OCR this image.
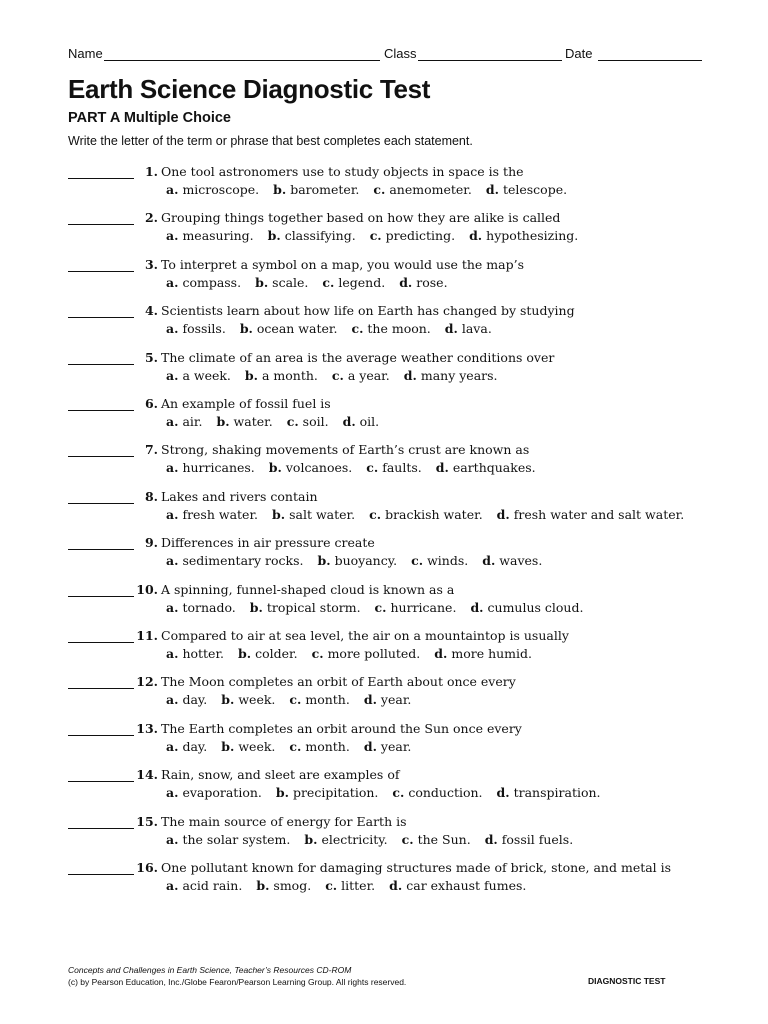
Name	Class	Date
Earth Science Diagnostic Test
PART A Multiple Choice

Write the letter of the term or phrase that best completes each statement.

1. One tool astronomers use to study objects in space is the
a. microscope. b. barometer. c. anemometer. d. telescope.
2. Grouping things together based on how they are alike is called
a. measuring. b. classifying. c. predicting. d. hypothesizing.
3. To interpret a symbol on a map, you would use the map’s
a. compass. b. scale. c. legend. d. rose.
4. Scientists learn about how life on Earth has changed by studying
a. fossils. b. ocean water. c. the moon. d. lava.
5. The climate of an area is the average weather conditions over
a. a week. b. a month. c. a year. d. many years.
6. An example of fossil fuel is
a. air. b. water. c. soil. d. oil.
7. Strong, shaking movements of Earth’s crust are known as
a. hurricanes. b. volcanoes. c. faults. d. earthquakes.
8. Lakes and rivers contain
a. fresh water. b. salt water. c. brackish water. d. fresh water and salt water.
9. Differences in air pressure create
a. sedimentary rocks. b. buoyancy. c. winds. d. waves.
10. A spinning, funnel-shaped cloud is known as a
a. tornado. b. tropical storm. c. hurricane. d. cumulus cloud.
11. Compared to air at sea level, the air on a mountaintop is usually
a. hotter. b. colder. c. more polluted. d. more humid.
12. The Moon completes an orbit of Earth about once every
a. day. b. week. c. month. d. year.
13. The Earth completes an orbit around the Sun once every
a. day. b. week. c. month. d. year.
14. Rain, snow, and sleet are examples of
a. evaporation. b. precipitation. c. conduction. d. transpiration.
15. The main source of energy for Earth is
a. the solar system. b. electricity. c. the Sun. d. fossil fuels.
16. One pollutant known for damaging structures made of brick, stone, and metal is
a. acid rain. b. smog. c. litter. d. car exhaust fumes.
Concepts and Challenges in Earth Science, Teacher’s Resources CD-ROM
(c) by Pearson Education, Inc./Globe Fearon/Pearson Learning Group. All rights reserved.	DIAGNOSTIC TEST
